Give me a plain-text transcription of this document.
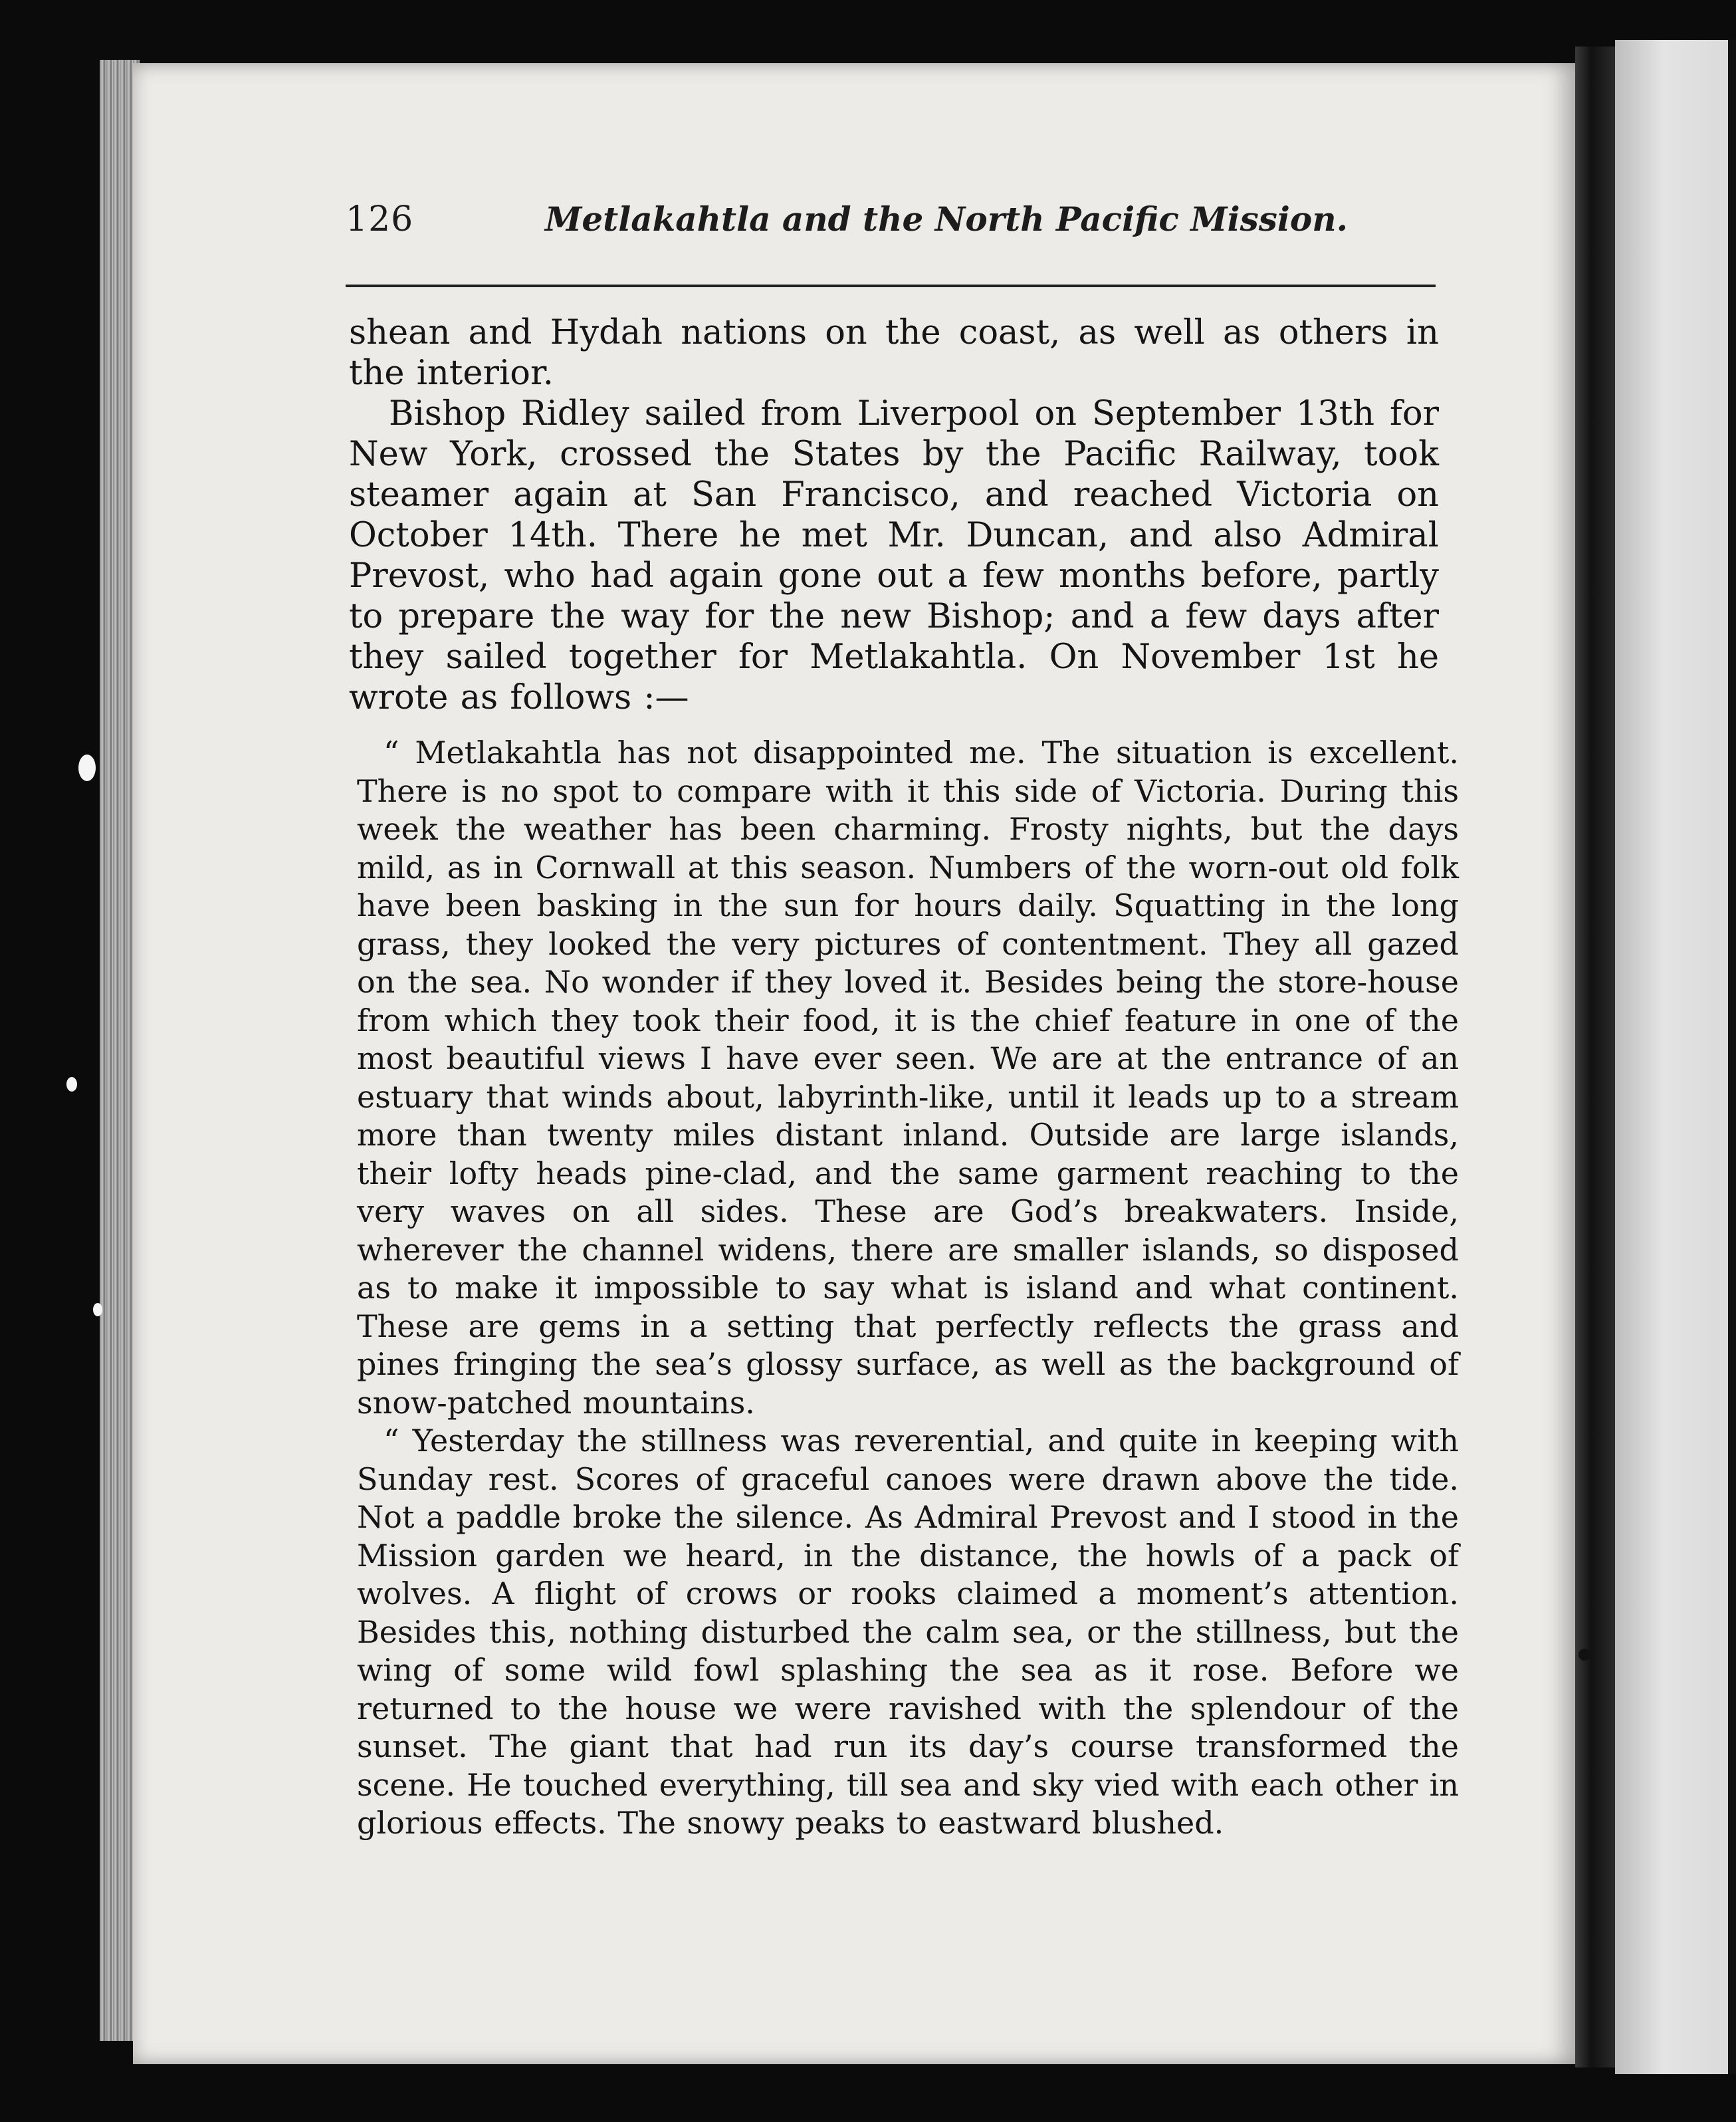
126	Metlakahtla and the North Pacific Mission.

shean and Hydah nations on the coast, as well as others in the interior.

Bishop Ridley sailed from Liverpool on September 13th for New York, crossed the States by the Pacific Railway, took steamer again at San Francisco, and reached Victoria on October 14th. There he met Mr. Duncan, and also Admiral Prevost, who had again gone out a few months before, partly to prepare the way for the new Bishop; and a few days after they sailed together for Metlakahtla. On November 1st he wrote as follows :—

“ Metlakahtla has not disappointed me. The situation is excellent. There is no spot to compare with it this side of Victoria. During this week the weather has been charming. Frosty nights, but the days mild, as in Cornwall at this season. Numbers of the worn-out old folk have been basking in the sun for hours daily. Squatting in the long grass, they looked the very pictures of contentment. They all gazed on the sea. No wonder if they loved it. Besides being the store-house from which they took their food, it is the chief feature in one of the most beautiful views I have ever seen. We are at the entrance of an estuary that winds about, labyrinth-like, until it leads up to a stream more than twenty miles distant inland. Outside are large islands, their lofty heads pine-clad, and the same garment reaching to the very waves on all sides. These are God’s breakwaters. Inside, wherever the channel widens, there are smaller islands, so disposed as to make it impossible to say what is island and what continent. These are gems in a setting that perfectly reflects the grass and pines fringing the sea’s glossy surface, as well as the background of snow-patched mountains.

“ Yesterday the stillness was reverential, and quite in keeping with Sunday rest. Scores of graceful canoes were drawn above the tide. Not a paddle broke the silence. As Admiral Prevost and I stood in the Mission garden we heard, in the distance, the howls of a pack of wolves. A flight of crows or rooks claimed a moment’s attention. Besides this, nothing disturbed the calm sea, or the stillness, but the wing of some wild fowl splashing the sea as it rose. Before we returned to the house we were ravished with the splendour of the sunset. The giant that had run its day’s course transformed the scene. He touched everything, till sea and sky vied with each other in glorious effects. The snowy peaks to eastward blushed.
